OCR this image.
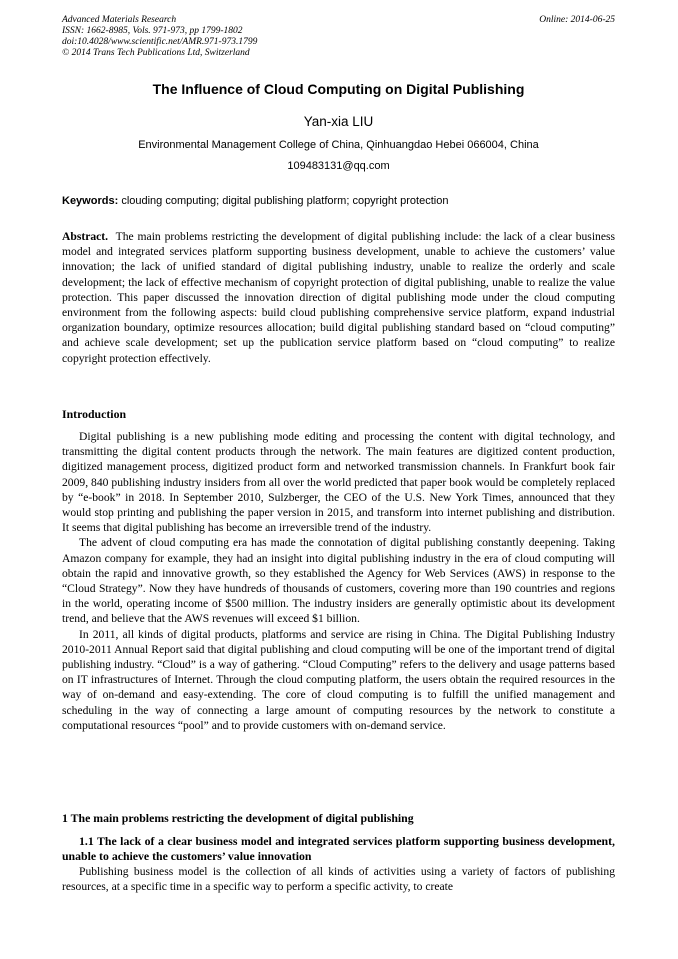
Advanced Materials Research
ISSN: 1662-8985, Vols. 971-973, pp 1799-1802
doi:10.4028/www.scientific.net/AMR.971-973.1799
© 2014 Trans Tech Publications Ltd, Switzerland
Online: 2014-06-25
The Influence of Cloud Computing on Digital Publishing
Yan-xia LIU
Environmental Management College of China, Qinhuangdao Hebei 066004, China
109483131@qq.com
Keywords: clouding computing; digital publishing platform; copyright protection
Abstract. The main problems restricting the development of digital publishing include: the lack of a clear business model and integrated services platform supporting business development, unable to achieve the customers’ value innovation; the lack of unified standard of digital publishing industry, unable to realize the orderly and scale development; the lack of effective mechanism of copyright protection of digital publishing, unable to realize the value protection. This paper discussed the innovation direction of digital publishing mode under the cloud computing environment from the following aspects: build cloud publishing comprehensive service platform, expand industrial organization boundary, optimize resources allocation; build digital publishing standard based on “cloud computing” and achieve scale development; set up the publication service platform based on “cloud computing” to realize copyright protection effectively.
Introduction

Digital publishing is a new publishing mode editing and processing the content with digital technology, and transmitting the digital content products through the network. The main features are digitized content production, digitized management process, digitized product form and networked transmission channels. In Frankfurt book fair 2009, 840 publishing industry insiders from all over the world predicted that paper book would be completely replaced by “e-book” in 2018. In September 2010, Sulzberger, the CEO of the U.S. New York Times, announced that they would stop printing and publishing the paper version in 2015, and transform into internet publishing and distribution. It seems that digital publishing has become an irreversible trend of the industry.

The advent of cloud computing era has made the connotation of digital publishing constantly deepening. Taking Amazon company for example, they had an insight into digital publishing industry in the era of cloud computing will obtain the rapid and innovative growth, so they established the Agency for Web Services (AWS) in response to the “Cloud Strategy”. Now they have hundreds of thousands of customers, covering more than 190 countries and regions in the world, operating income of $500 million. The industry insiders are generally optimistic about its development trend, and believe that the AWS revenues will exceed $1 billion.

In 2011, all kinds of digital products, platforms and service are rising in China. The Digital Publishing Industry 2010-2011 Annual Report said that digital publishing and cloud computing will be one of the important trend of digital publishing industry. “Cloud” is a way of gathering. “Cloud Computing” refers to the delivery and usage patterns based on IT infrastructures of Internet. Through the cloud computing platform, the users obtain the required resources in the way of on-demand and easy-extending. The core of cloud computing is to fulfill the unified management and scheduling in the way of connecting a large amount of computing resources by the network to constitute a computational resources “pool” and to provide customers with on-demand service.

1 The main problems restricting the development of digital publishing
1.1 The lack of a clear business model and integrated services platform supporting business development, unable to achieve the customers’ value innovation

Publishing business model is the collection of all kinds of activities using a variety of factors of publishing resources, at a specific time in a specific way to perform a specific activity, to create
